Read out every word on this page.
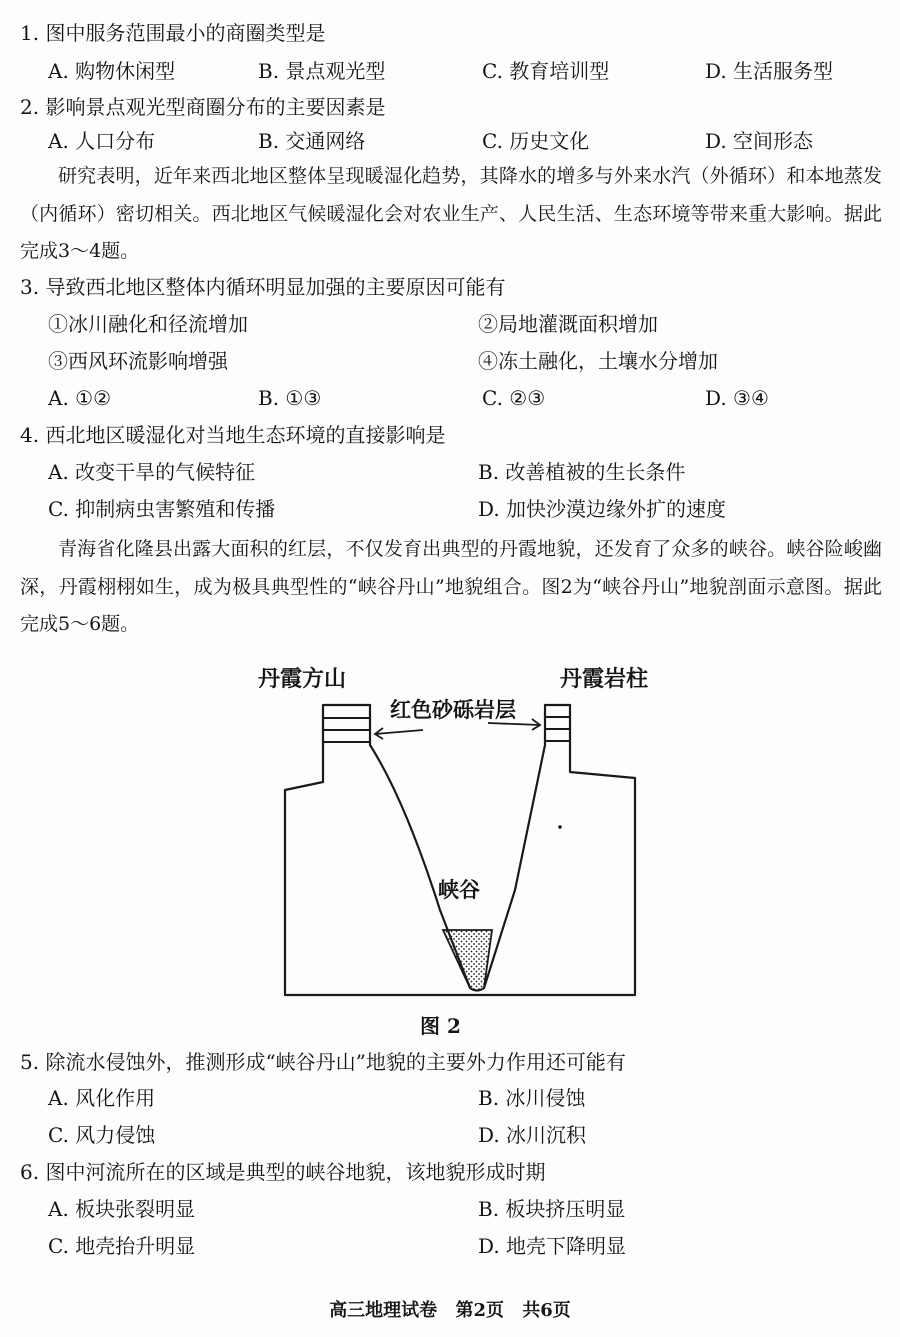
1. 图中服务范围最小的商圈类型是
A. 购物休闲型	B. 景点观光型	C. 教育培训型	D. 生活服务型
2. 影响景点观光型商圈分布的主要因素是
A. 人口分布	B. 交通网络	C. 历史文化	D. 空间形态
研究表明，近年来西北地区整体呈现暖湿化趋势，其降水的增多与外来水汽（外循环）和本地蒸发（内循环）密切相关。西北地区气候暖湿化会对农业生产、人民生活、生态环境等带来重大影响。据此完成3～4题。
3. 导致西北地区整体内循环明显加强的主要原因可能有
①冰川融化和径流增加	②局地灌溉面积增加
③西风环流影响增强	④冻土融化，土壤水分增加
A. ①②	B. ①③	C. ②③	D. ③④
4. 西北地区暖湿化对当地生态环境的直接影响是
A. 改变干旱的气候特征	B. 改善植被的生长条件
C. 抑制病虫害繁殖和传播	D. 加快沙漠边缘外扩的速度
青海省化隆县出露大面积的红层，不仅发育出典型的丹霞地貌，还发育了众多的峡谷。峡谷险峻幽深，丹霞栩栩如生，成为极具典型性的“峡谷丹山”地貌组合。图2为“峡谷丹山”地貌剖面示意图。据此完成5～6题。
丹霞方山	丹霞岩柱
红色砂砾岩层
峡谷
图 2
5. 除流水侵蚀外，推测形成“峡谷丹山”地貌的主要外力作用还可能有
A. 风化作用	B. 冰川侵蚀
C. 风力侵蚀	D. 冰川沉积
6. 图中河流所在的区域是典型的峡谷地貌，该地貌形成时期
A. 板块张裂明显	B. 板块挤压明显
C. 地壳抬升明显	D. 地壳下降明显
高三地理试卷 第2页 共6页
